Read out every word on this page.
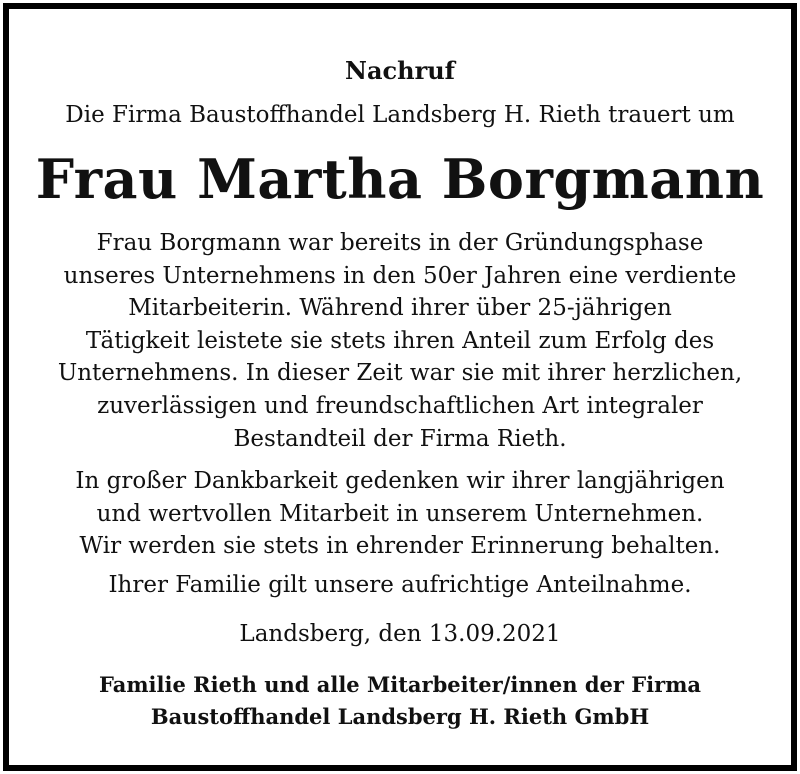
Nachruf
Die Firma Baustoffhandel Landsberg H. Rieth trauert um
Frau Martha Borgmann
Frau Borgmann war bereits in der Gründungsphase
unseres Unternehmens in den 50er Jahren eine verdiente
Mitarbeiterin. Während ihrer über 25-jährigen
Tätigkeit leistete sie stets ihren Anteil zum Erfolg des
Unternehmens. In dieser Zeit war sie mit ihrer herzlichen,
zuverlässigen und freundschaftlichen Art integraler
Bestandteil der Firma Rieth.
In großer Dankbarkeit gedenken wir ihrer langjährigen
und wertvollen Mitarbeit in unserem Unternehmen.
Wir werden sie stets in ehrender Erinnerung behalten.
Ihrer Familie gilt unsere aufrichtige Anteilnahme.
Landsberg, den 13.09.2021
Familie Rieth und alle Mitarbeiter/innen der Firma
Baustoffhandel Landsberg H. Rieth GmbH
